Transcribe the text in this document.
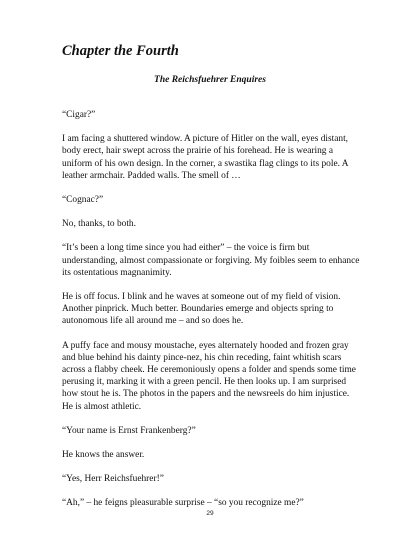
Chapter the Fourth
The Reichsfuehrer Enquires

“Cigar?”

I am facing a shuttered window. A picture of Hitler on the wall, eyes distant, body erect, hair swept across the prairie of his forehead. He is wearing a uniform of his own design. In the corner, a swastika flag clings to its pole. A leather armchair. Padded walls. The smell of …

“Cognac?”

No, thanks, to both.

“It’s been a long time since you had either” – the voice is firm but understanding, almost compassionate or forgiving. My foibles seem to enhance its ostentatious magnanimity.

He is off focus. I blink and he waves at someone out of my field of vision. Another pinprick. Much better. Boundaries emerge and objects spring to autonomous life all around me – and so does he.

A puffy face and mousy moustache, eyes alternately hooded and frozen gray and blue behind his dainty pince-nez, his chin receding, faint whitish scars across a flabby cheek. He ceremoniously opens a folder and spends some time perusing it, marking it with a green pencil. He then looks up. I am surprised how stout he is. The photos in the papers and the newsreels do him injustice. He is almost athletic.

“Your name is Ernst Frankenberg?”

He knows the answer.

“Yes, Herr Reichsfuehrer!”

“Ah,” – he feigns pleasurable surprise – “so you recognize me?”

29
